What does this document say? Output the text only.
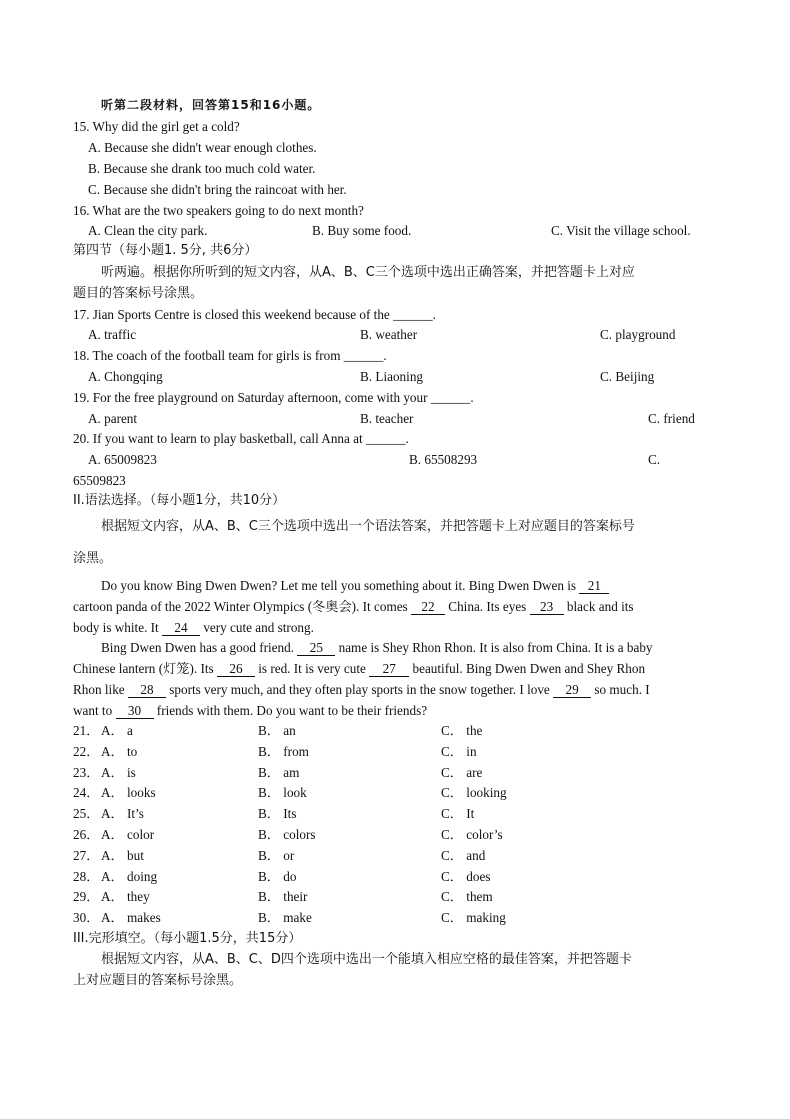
听第二段材料，回答第15和16小题。
15. Why did the girl get a cold?
A. Because she didn't wear enough clothes.
B. Because she drank too much cold water.
C. Because she didn't bring the raincoat with her.
16. What are the two speakers going to do next month?
A. Clean the city park.	B. Buy some food.	C. Visit the village school.
第四节（每小题1. 5分, 共6分）
听两遍。根据你所听到的短文内容，从A、B、C三个选项中选出正确答案，并把答题卡上对应
题目的答案标号涂黑。
17. Jian Sports Centre is closed this weekend because of the ______.
A. traffic	B. weather	C. playground
18. The coach of the football team for girls is from ______.
A. Chongqing	B. Liaoning	C. Beijing
19. For the free playground on Saturday afternoon, come with your ______.
A. parent	B. teacher	C. friend
20. If you want to learn to play basketball, call Anna at ______.
A. 65009823	B. 65508293	C.
65509823
II.语法选择。（每小题1分，共10分）
根据短文内容，从A、B、C三个选项中选出一个语法答案，并把答题卡上对应题目的答案标号
涂黑。
Do you know Bing Dwen Dwen? Let me tell you something about it. Bing Dwen Dwen is 21
cartoon panda of the 2022 Winter Olympics (冬奥会). It comes 22 China. Its eyes 23 black and its
body is white. It 24 very cute and strong.
Bing Dwen Dwen has a good friend. 25 name is Shey Rhon Rhon. It is also from China. It is a baby
Chinese lantern (灯笼). Its 26 is red. It is very cute 27 beautiful. Bing Dwen Dwen and Shey Rhon
Rhon like 28 sports very much, and they often play sports in the snow together. I love 29 so much. I
want to 30 friends with them. Do you want to be their friends?
21． A． a	B． an	C． the
22． A． to	B． from	C． in
23． A． is	B． am	C． are
24． A． looks	B． look	C． looking
25． A． It’s	B． Its	C． It
26． A． color	B． colors	C． color’s
27． A． but	B． or	C． and
28． A． doing	B． do	C． does
29． A． they	B． their	C． them
30． A． makes	B． make	C． making
III.完形填空。（每小题1.5分，共15分）
根据短文内容，从A、B、C、D四个选项中选出一个能填入相应空格的最佳答案，并把答题卡
上对应题目的答案标号涂黑。
